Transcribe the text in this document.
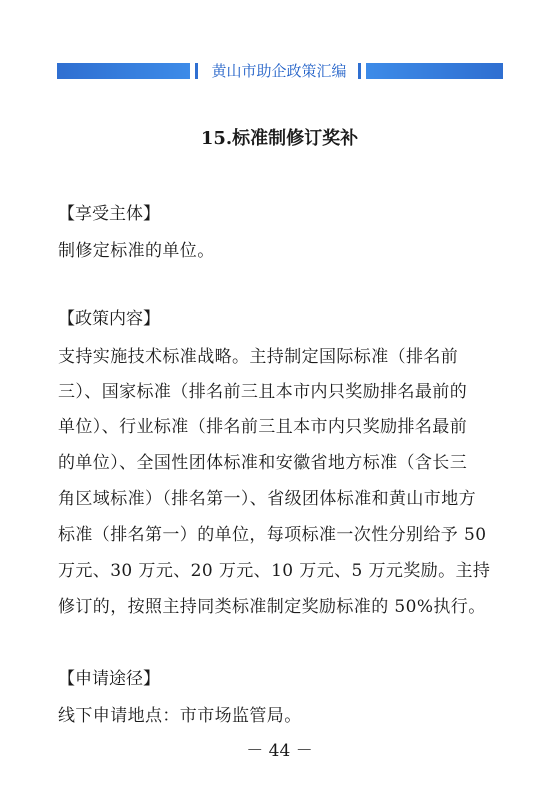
黄山市助企政策汇编
15.标准制修订奖补
【享受主体】
制修定标准的单位。
【政策内容】
支持实施技术标准战略。主持制定国际标准（排名前
三）、国家标准（排名前三且本市内只奖励排名最前的
单位）、行业标准（排名前三且本市内只奖励排名最前
的单位）、全国性团体标准和安徽省地方标准（含长三
角区域标准）（排名第一）、省级团体标准和黄山市地方
标准（排名第一）的单位，每项标准一次性分别给予 50
万元、30 万元、20 万元、10 万元、5 万元奖励。主持
修订的，按照主持同类标准制定奖励标准的 50%执行。
【申请途径】
线下申请地点：市市场监管局。
－ 44 －
